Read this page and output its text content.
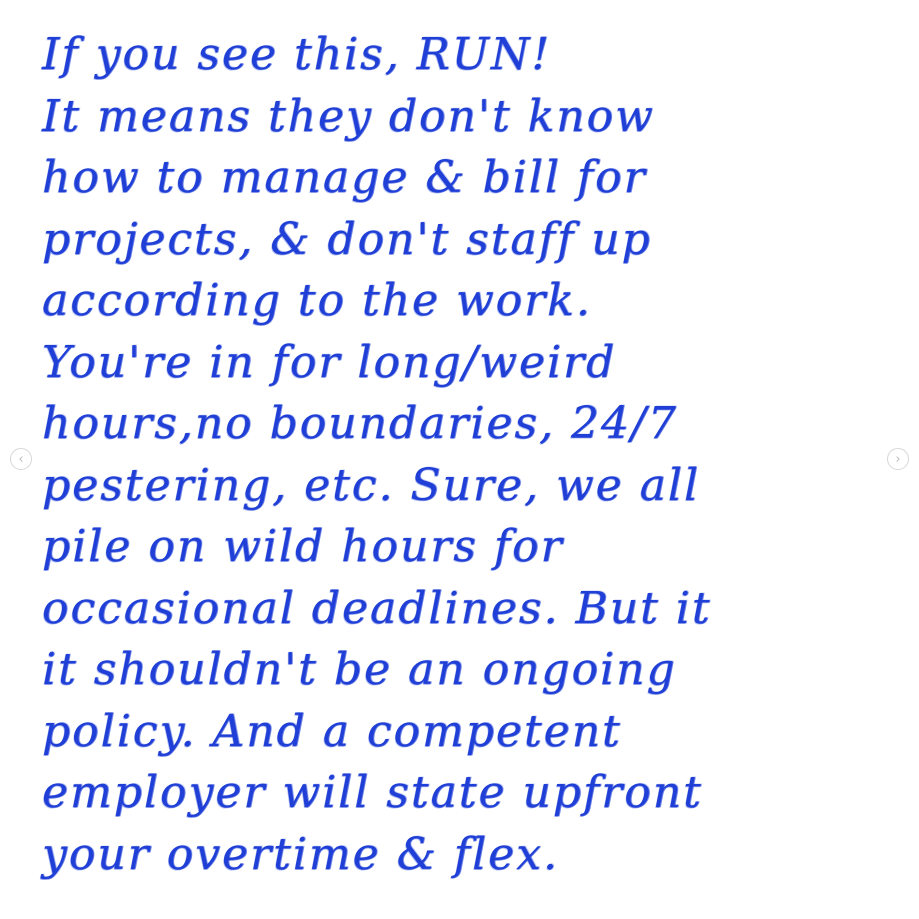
If you see this, RUN!
It means they don't know
how to manage & bill for
projects, & don't staff up
according to the work.
You're in for long/weird
hours,no boundaries, 24/7
pestering, etc. Sure, we all
pile on wild hours for
occasional deadlines. But it
it shouldn't be an ongoing
policy. And a competent
employer will state upfront
your overtime & flex.
‹	›
